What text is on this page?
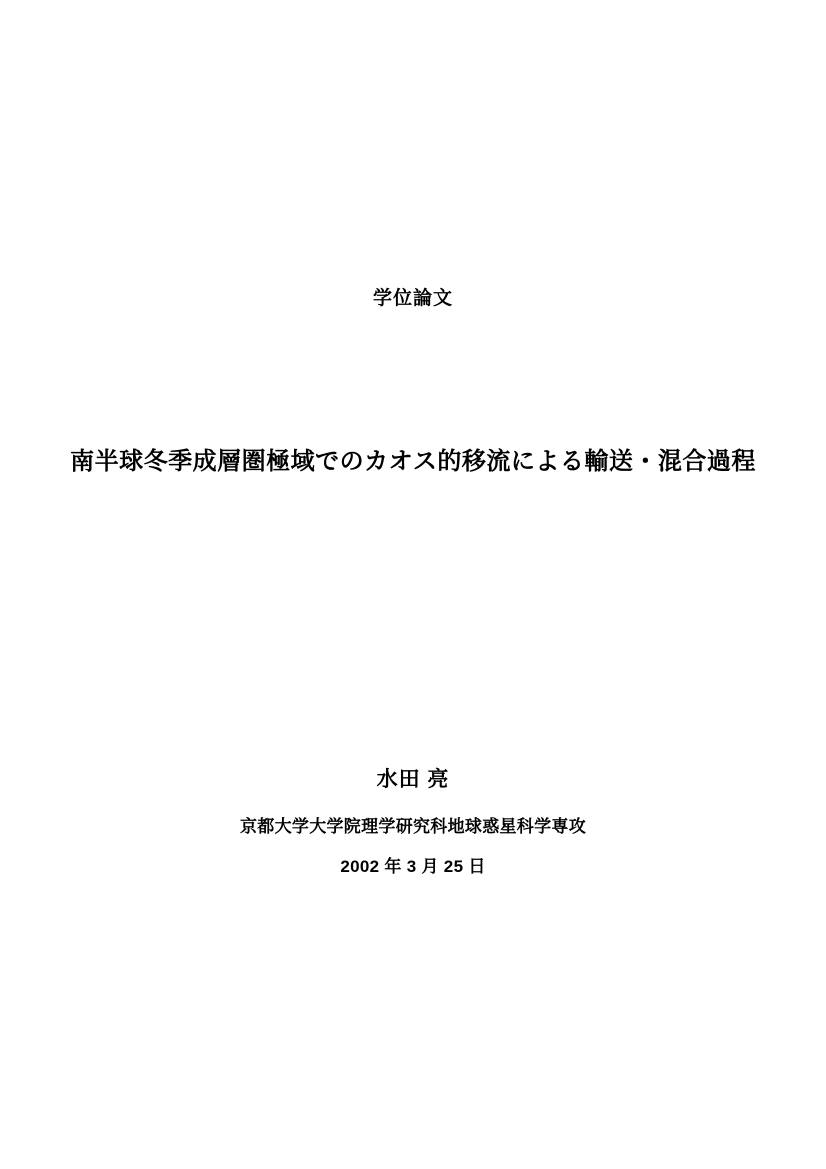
学位論文
南半球冬季成層圏極域でのカオス的移流による輸送・混合過程
水田 亮
京都大学大学院理学研究科地球惑星科学専攻
2002 年 3 月 25 日
